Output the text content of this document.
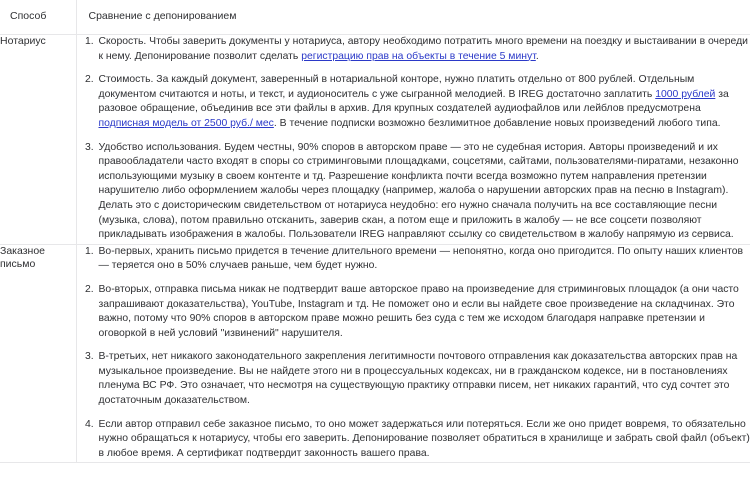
Способ	Сравнение с депонированием
Нотариус	
1.Скорость. Чтобы заверить документы у нотариуса, автору необходимо потратить много времени на поездку и выстаивании в очереди к нему. Депонирование позволит сделать регистрацию прав на объекты в течение 5 минут.
2. Стоимость. За каждый документ, заверенный в нотариальной конторе, нужно платить отдельно от 800 рублей. Отдельным документом считаются и ноты, и текст, и аудионоситель с уже сыгранной мелодией. В IREG достаточно заплатить 1000 рублей за разовое обращение, объединив все эти файлы в архив. Для крупных создателей аудиофайлов или лейблов предусмотрена подписная модель от 2500 руб./ мес. В течение подписки возможно безлимитное добавление новых произведений любого типа.
3. Удобство использования. Будем честны, 90% споров в авторском праве — это не судебная история. Авторы произведений и их правообладатели часто входят в споры со стриминговыми площадками, соцсетями, сайтами, пользователями-пиратами, незаконно использующими музыку в своем контенте и тд. Разрешение конфликта почти всегда возможно путем направления претензии нарушителю либо оформлением жалобы через площадку (например, жалоба о нарушении авторских прав на песню в Instagram). Делать это с доисторическим свидетельством от нотариуса неудобно: его нужно сначала получить на все составляющие песни (музыка, слова), потом правильно отсканить, заверив скан, а потом еще и приложить в жалобу — не все соцсети позволяют прикладывать изображения в жалобы. Пользователи IREG направляют ссылку со свидетельством в жалобу напрямую из сервиса.

Заказное письмо	
1. Во-первых, хранить письмо придется в течение длительного времени — непонятно, когда оно пригодится. По опыту наших клиентов — теряется оно в 50% случаев раньше, чем будет нужно.
2. Во-вторых, отправка письма никак не подтвердит ваше авторское право на произведение для стриминговых площадок (а они часто запрашивают доказательства), YouTube, Instagram и тд. Не поможет оно и если вы найдете свое произведение на складчинах. Это важно, потому что 90% споров в авторском праве можно решить без суда с тем же исходом благодаря направке претензии и оговоркой в ней условий "извинений" нарушителя.
3. В-третьих, нет никакого законодательного закрепления легитимности почтового отправления как доказательства авторских прав на музыкальное произведение. Вы не найдете этого ни в процессуальных кодексах, ни в гражданском кодексе, ни в постановлениях пленума ВС РФ. Это означает, что несмотря на существующую практику отправки писем, нет никаких гарантий, что суд сочтет это достаточным доказательством.
4. Если автор отправил себе заказное письмо, то оно может задержаться или потеряться. Если же оно придет вовремя, то обязательно нужно обращаться к нотариусу, чтобы его заверить. Депонирование позволяет обратиться в хранилище и забрать свой файл (объект) в любое время. А сертификат подтвердит законность вашего права.
